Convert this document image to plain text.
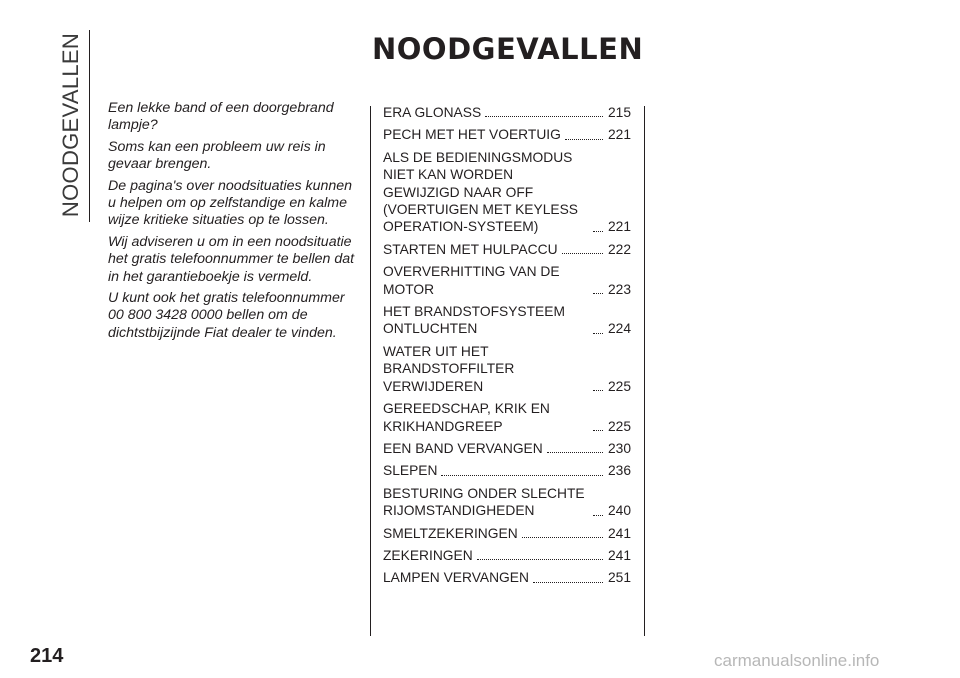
NOODGEVALLEN	NOODGEVALLEN

Een lekke band of een doorgebrand lampje?

Soms kan een probleem uw reis in gevaar brengen.

De pagina's over noodsituaties kunnen u helpen om op zelfstandige en kalme wijze kritieke situaties op te lossen.

Wij adviseren u om in een noodsituatie het gratis telefoonnummer te bellen dat in het garantieboekje is vermeld.

U kunt ook het gratis telefoonnummer 00 800 3428 0000 bellen om de dichtstbijzijnde Fiat dealer te vinden.

ERA GLONASS	215
PECH MET HET VOERTUIG	221
ALS DE BEDIENINGSMODUS NIET KAN WORDEN GEWIJZIGD NAAR OFF (VOERTUIGEN MET KEYLESS OPERATION-SYSTEEM)	221
STARTEN MET HULPACCU	222
OVERVERHITTING VAN DE MOTOR	223
HET BRANDSTOFSYSTEEM ONTLUCHTEN	224
WATER UIT HET BRANDSTOFFILTER VERWIJDEREN	225
GEREEDSCHAP, KRIK EN KRIKHANDGREEP	225
EEN BAND VERVANGEN	230
SLEPEN	236
BESTURING ONDER SLECHTE RIJOMSTANDIGHEDEN	240
SMELTZEKERINGEN	241
ZEKERINGEN	241
LAMPEN VERVANGEN	251

214	carmanualsonline.info
